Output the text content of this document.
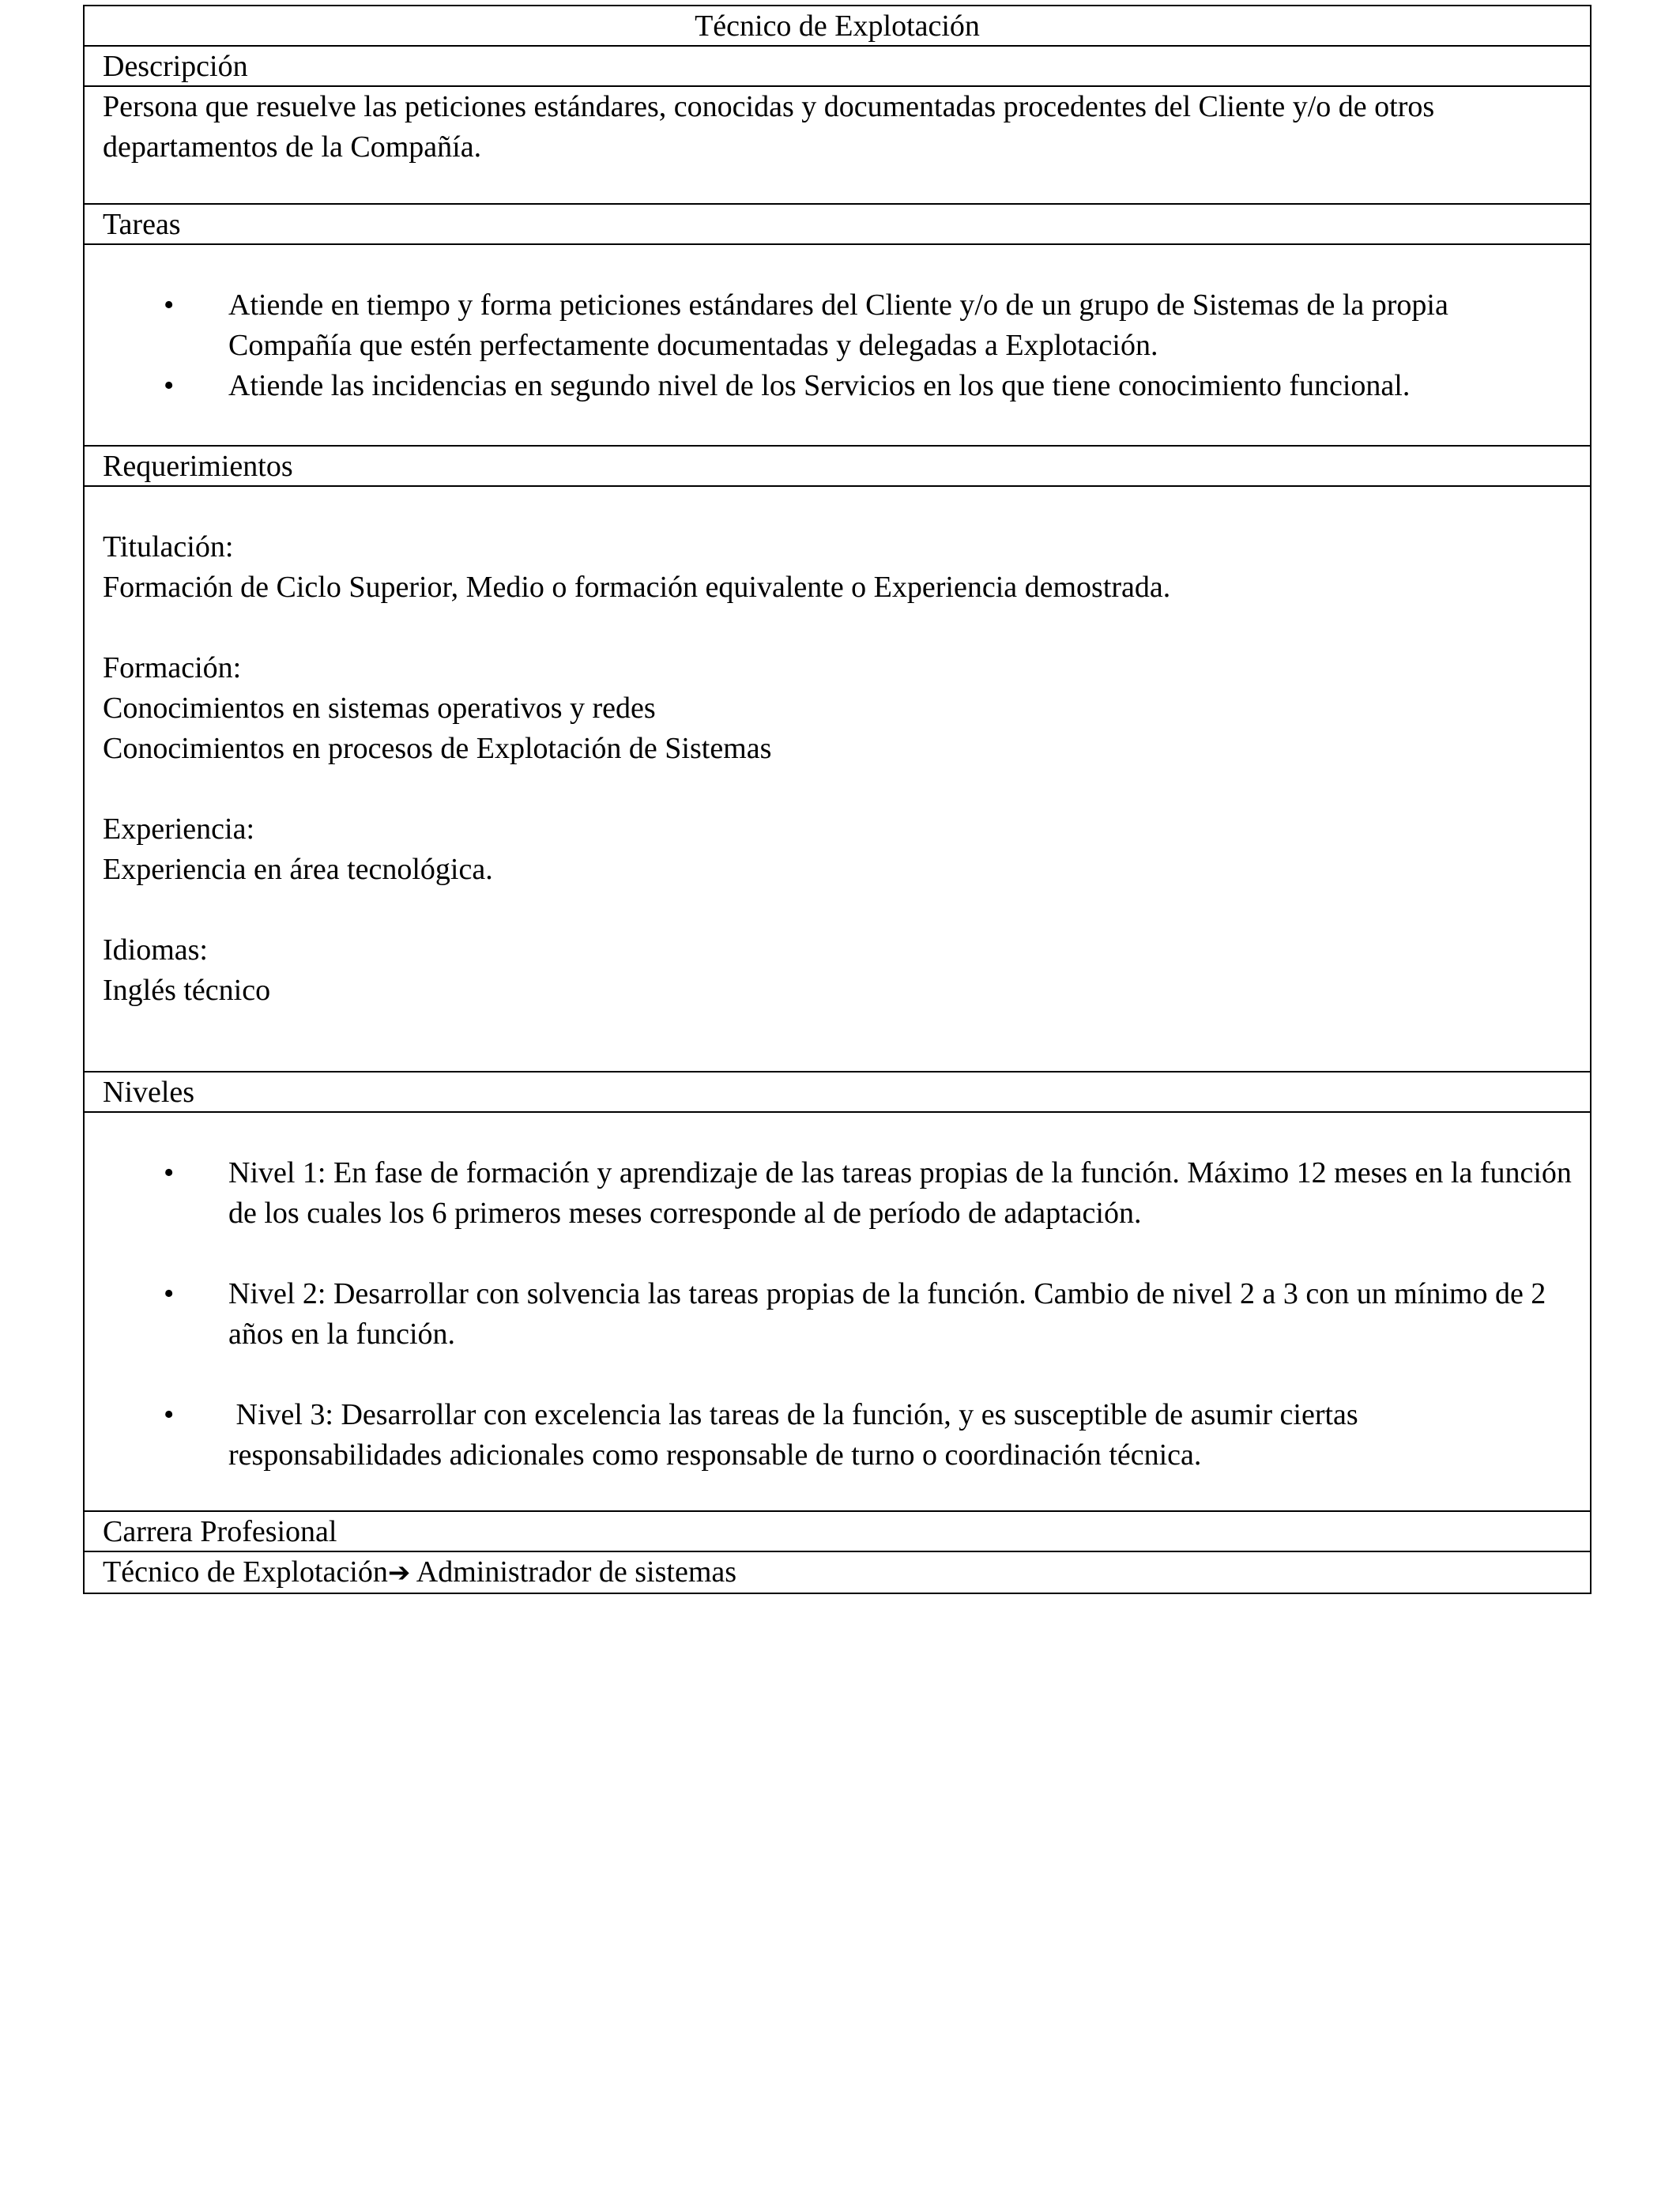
Técnico de Explotación
Descripción
Persona que resuelve las peticiones estándares, conocidas y documentadas procedentes del Cliente y/o de otros departamentos de la Compañía.
Tareas
• Atiende en tiempo y forma peticiones estándares del Cliente y/o de un grupo de Sistemas de la propia Compañía que estén perfectamente documentadas y delegadas a Explotación.
• Atiende las incidencias en segundo nivel de los Servicios en los que tiene conocimiento funcional.
Requerimientos
Titulación:
Formación de Ciclo Superior, Medio o formación equivalente o Experiencia demostrada.
Formación:
Conocimientos en sistemas operativos y redes
Conocimientos en procesos de Explotación de Sistemas
Experiencia:
Experiencia en área tecnológica.
Idiomas:
Inglés técnico
Niveles
• Nivel 1: En fase de formación y aprendizaje de las tareas propias de la función. Máximo 12 meses en la función de los cuales los 6 primeros meses corresponde al de período de adaptación.
• Nivel 2: Desarrollar con solvencia las tareas propias de la función. Cambio de nivel 2 a 3 con un mínimo de 2 años en la función.
• Nivel 3: Desarrollar con excelencia las tareas de la función, y es susceptible de asumir ciertas responsabilidades adicionales como responsable de turno o coordinación técnica.
Carrera Profesional
Técnico de Explotación➔ Administrador de sistemas
